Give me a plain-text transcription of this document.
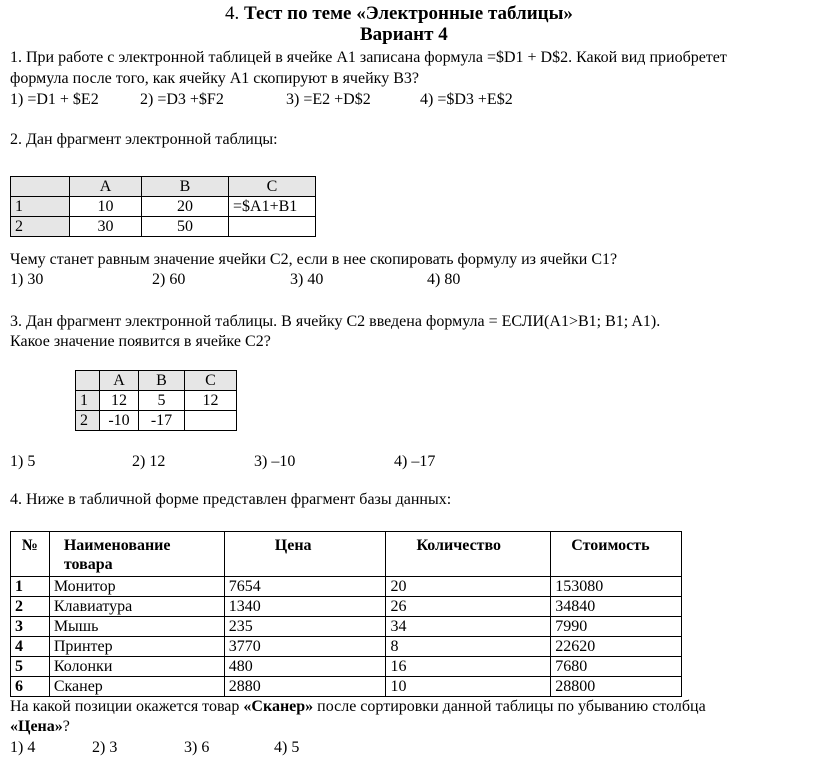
4. Тест по теме «Электронные таблицы»
Вариант 4
1. При работе с электронной таблицей в ячейке A1 записана формула =$D1 + D$2. Какой вид приобретет
формула после того, как ячейку A1 скопируют в ячейку B3?
1) =D1 + $E2	2) =D3 +$F2	3) =E2 +D$2	4) =$D3 +E$2
2. Дан фрагмент электронной таблицы:
	A	B	C
1	10	20	=$A1+B1
2	30	50	
Чему станет равным значение ячейки C2, если в нее скопировать формулу из ячейки C1?
1) 30	2) 60	3) 40	4) 80
3. Дан фрагмент электронной таблицы. В ячейку C2 введена формула = ЕСЛИ(A1>B1; B1; A1).
Какое значение появится в ячейке С2?
	A	B	C
1	12	5	12
2	-10	-17	
1) 5	2) 12	3) –10	4) –17
4. Ниже в табличной форме представлен фрагмент базы данных:
№	Наименование товара	Цена	Количество	Стоимость
1	Монитор	7654	20	153080
2	Клавиатура	1340	26	34840
3	Мышь	235	34	7990
4	Принтер	3770	8	22620
5	Колонки	480	16	7680
6	Сканер	2880	10	28800
На какой позиции окажется товар «Сканер» после сортировки данной таблицы по убыванию столбца
«Цена»?
1) 4	2) 3	3) 6	4) 5
